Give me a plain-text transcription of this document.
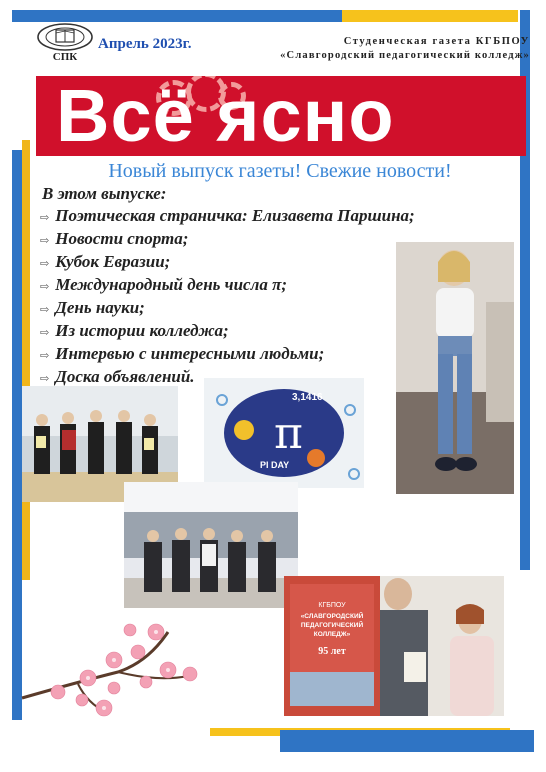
СПК
Апрель 2023г.	Студенческая газета КГБПОУ
«Славгородский педагогический колледж»
Всё ясно
Новый выпуск газеты! Свежие новости!
В этом выпуске:
⇨ Поэтическая страничка: Елизавета Паршина;
⇨ Новости спорта;
⇨ Кубок Евразии;
⇨ Международный день числа π;
⇨ День науки;
⇨ Из истории колледжа;
⇨ Интервью с интересными людьми;
⇨ Доска объявлений.
π
3,1416
PI DAY
КГБПОУ
«СЛАВГОРОДСКИЙ ПЕДАГОГИЧЕСКИЙ КОЛЛЕДЖ»
95 лет
